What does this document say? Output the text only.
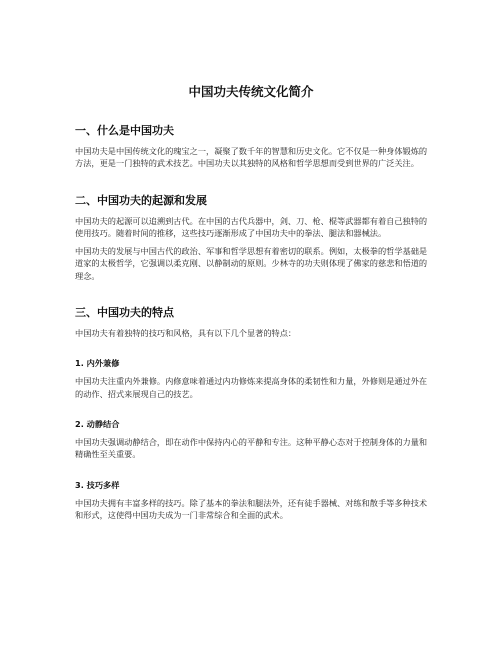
中国功夫传统文化简介
一、什么是中国功夫
中国功夫是中国传统文化的瑰宝之一，凝聚了数千年的智慧和历史文化。它不仅是一种身体锻炼的方法，更是一门独特的武术技艺。中国功夫以其独特的风格和哲学思想而受到世界的广泛关注。
二、中国功夫的起源和发展
中国功夫的起源可以追溯到古代。在中国的古代兵器中，剑、刀、枪、棍等武器都有着自己独特的使用技巧。随着时间的推移，这些技巧逐渐形成了中国功夫中的拳法、腿法和器械法。
中国功夫的发展与中国古代的政治、军事和哲学思想有着密切的联系。例如，太极拳的哲学基础是道家的太极哲学，它强调以柔克刚、以静制动的原则。少林寺的功夫则体现了佛家的慈悲和悟道的理念。
三、中国功夫的特点
中国功夫有着独特的技巧和风格，具有以下几个显著的特点：
1. 内外兼修
中国功夫注重内外兼修。内修意味着通过内功修炼来提高身体的柔韧性和力量，外修则是通过外在的动作、招式来展现自己的技艺。
2. 动静结合
中国功夫强调动静结合，即在动作中保持内心的平静和专注。这种平静心态对于控制身体的力量和精确性至关重要。
3. 技巧多样
中国功夫拥有丰富多样的技巧。除了基本的拳法和腿法外，还有徒手器械、对练和散手等多种技术和形式，这使得中国功夫成为一门非常综合和全面的武术。
